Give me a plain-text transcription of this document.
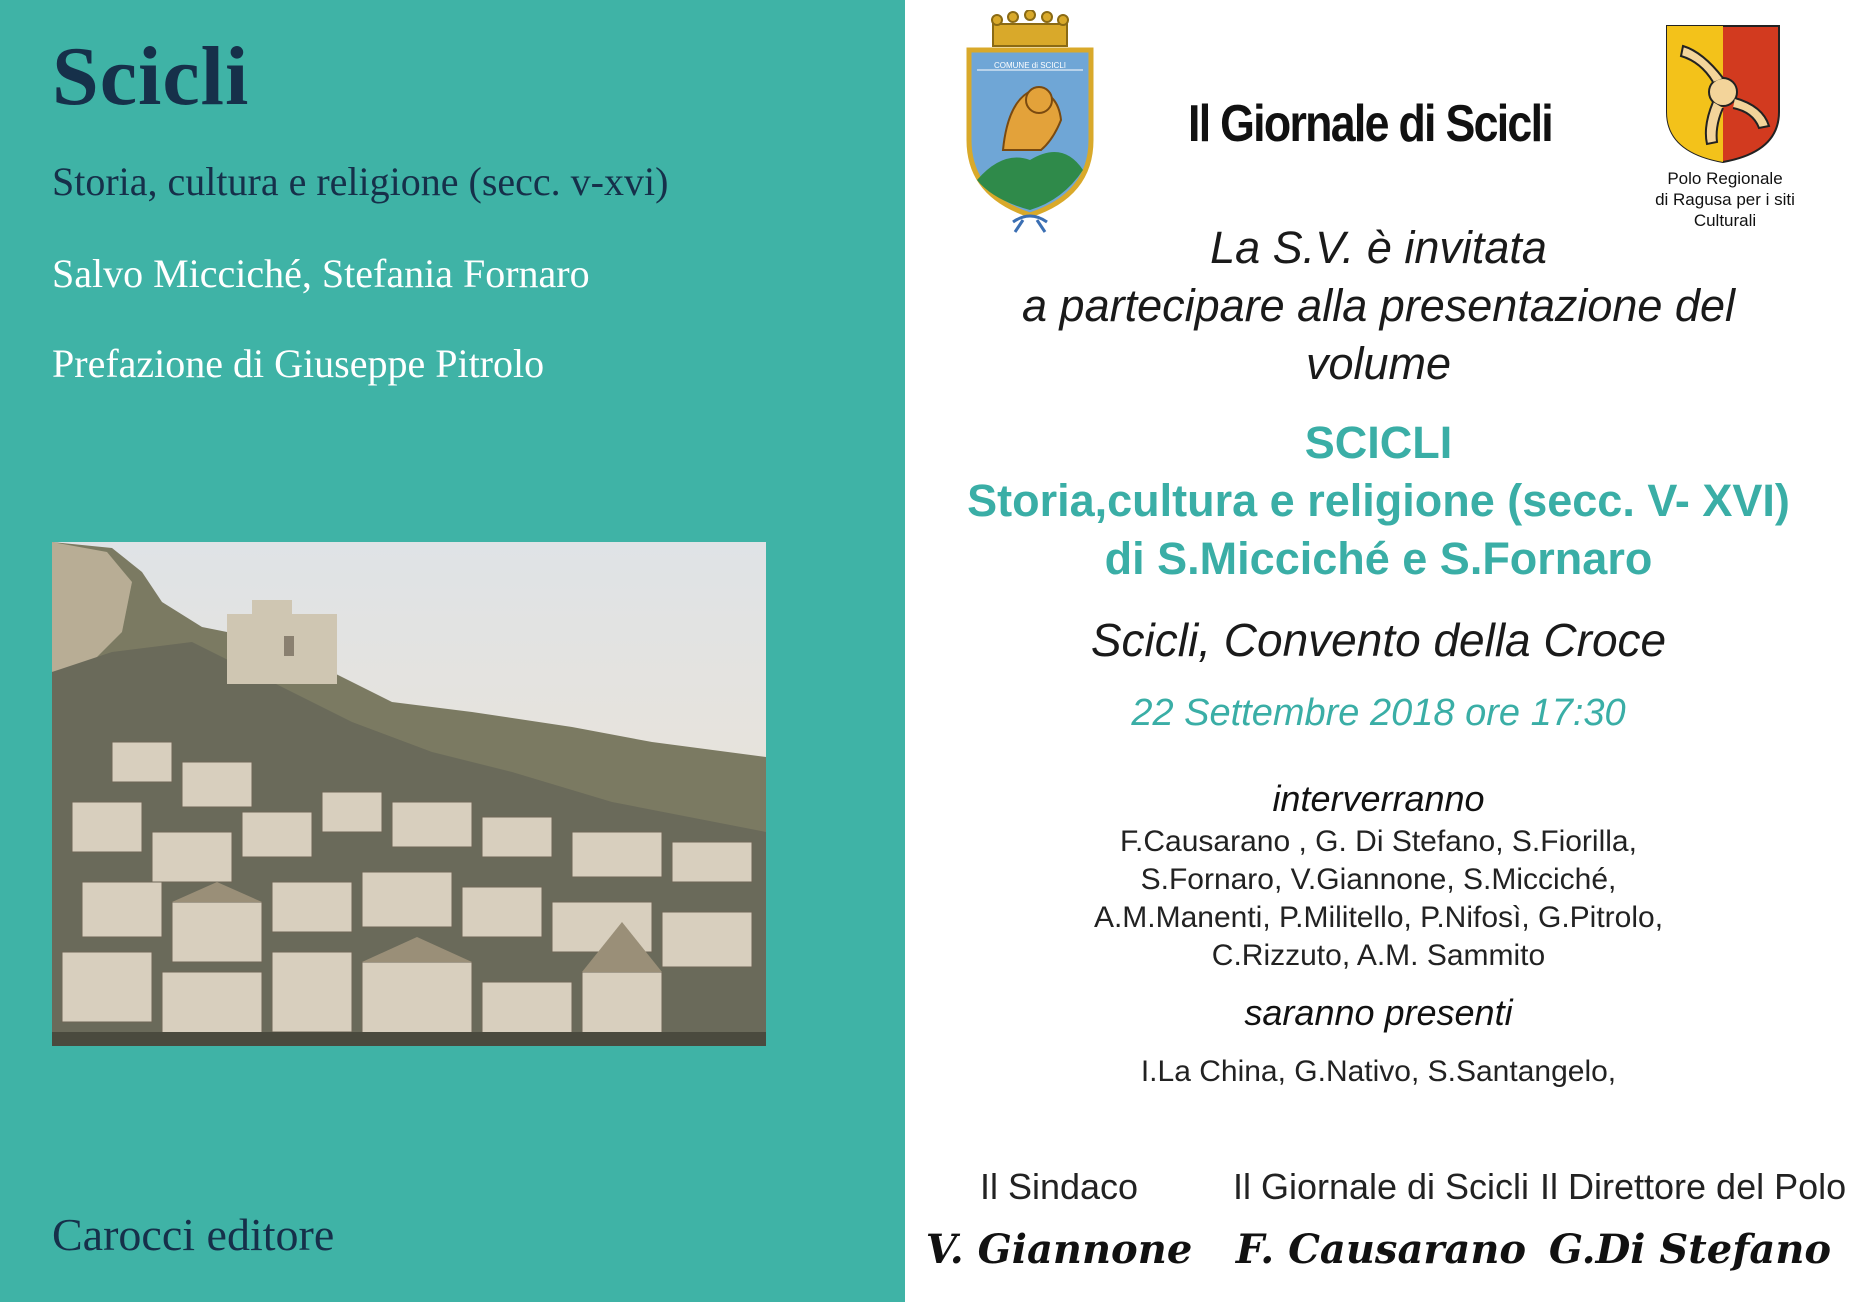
Scicli
Storia, cultura e religione (secc. v-xvi)
Salvo Micciché, Stefania Fornaro
Prefazione di Giuseppe Pitrolo
Carocci editore
COMUNE di SCICLI
Il Giornale di Scicli
Polo Regionale
di Ragusa per i siti
Culturali
La S.V. è invitata
a partecipare alla presentazione del
volume
SCICLI
Storia,cultura e religione (secc. V- XVI)
di S.Micciché e S.Fornaro
Scicli, Convento della Croce
22 Settembre 2018 ore 17:30
interverranno
F.Causarano , G. Di Stefano, S.Fiorilla,
S.Fornaro, V.Giannone, S.Micciché,
A.M.Manenti, P.Militello, P.Nifosì, G.Pitrolo,
C.Rizzuto, A.M. Sammito
saranno presenti
I.La China, G.Nativo, S.Santangelo,
Il Sindaco
V. Giannone
Il Giornale di Scicli
F. Causarano
Il Direttore del Polo
G.Di Stefano
